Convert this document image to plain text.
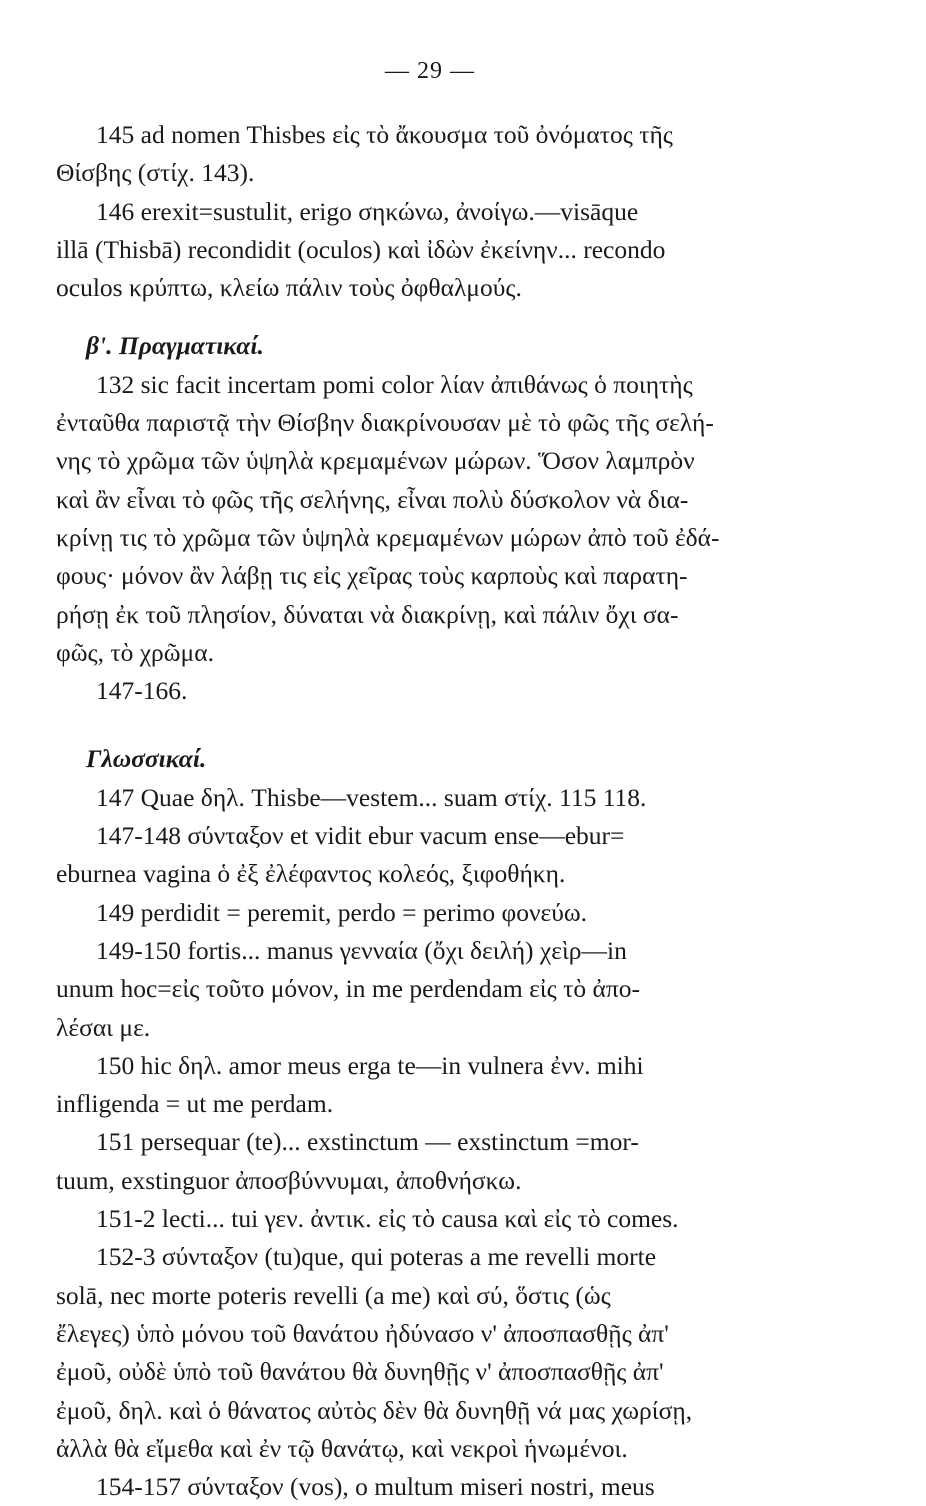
— 29 —
145 ad nomen Thisbes εἰς τὸ ἄκουσμα τοῦ ὀνόματος τῆς
Θίσβης (στίχ. 143).
146 erexit=sustulit, erigo σηκώνω, ἀνοίγω.—visāque
illā (Thisbā) recondidit (oculos) καὶ ἰδὼν ἐκείνην... recondo
oculos κρύπτω, κλείω πάλιν τοὺς ὀφθαλμούς.
β'. Πραγματικαί.
132 sic facit incertam pomi color λίαν ἀπιθάνως ὁ ποιητὴς
ἐνταῦθα παριστᾷ τὴν Θίσβην διακρίνουσαν μὲ τὸ φῶς τῆς σελή-
νης τὸ χρῶμα τῶν ὑψηλὰ κρεμαμένων μώρων. Ὅσον λαμπρὸν
καὶ ἂν εἶναι τὸ φῶς τῆς σελήνης, εἶναι πολὺ δύσκολον νὰ δια-
κρίνῃ τις τὸ χρῶμα τῶν ὑψηλὰ κρεμαμένων μώρων ἀπὸ τοῦ ἐδά-
φους· μόνον ἂν λάβῃ τις εἰς χεῖρας τοὺς καρποὺς καὶ παρατη-
ρήσῃ ἐκ τοῦ πλησίον, δύναται νὰ διακρίνῃ, καὶ πάλιν ὄχι σα-
φῶς, τὸ χρῶμα.
147-166.
Γλωσσικαί.
147 Quae δηλ. Thisbe—vestem... suam στίχ. 115 118.
147-148 σύνταξον et vidit ebur vacum ense—ebur=
eburnea vagina ὁ ἐξ ἐλέφαντος κολεός, ξιφοθήκη.
149 perdidit = peremit, perdo = perimo φονεύω.
149-150 fortis... manus γενναία (ὄχι δειλή) χεὶρ—in
unum hoc=εἰς τοῦτο μόνον, in me perdendam εἰς τὸ ἀπο-
λέσαι με.
150 hic δηλ. amor meus erga te—in vulnera ἐνν. mihi
infligenda = ut me perdam.
151 persequar (te)... exstinctum — exstinctum =mor-
tuum, exstinguor ἀποσβύννυμαι, ἀποθνήσκω.
151-2 lecti... tui γεν. ἀντικ. εἰς τὸ causa καὶ εἰς τὸ comes.
152-3 σύνταξον (tu)que, qui poteras a me revelli morte
solā, nec morte poteris revelli (a me) καὶ σύ, ὅστις (ὡς
ἔλεγες) ὑπὸ μόνου τοῦ θανάτου ἠδύνασο ν' ἀποσπασθῇς ἀπ'
ἐμοῦ, οὐδὲ ὑπὸ τοῦ θανάτου θὰ δυνηθῇς ν' ἀποσπασθῇς ἀπ'
ἐμοῦ, δηλ. καὶ ὁ θάνατος αὐτὸς δὲν θὰ δυνηθῇ νά μας χωρίσῃ,
ἀλλὰ θὰ εἴμεθα καὶ ἐν τῷ θανάτῳ, καὶ νεκροὶ ἡνωμένοι.
154-157 σύνταξον (vos), o multum miseri nostri, meus
